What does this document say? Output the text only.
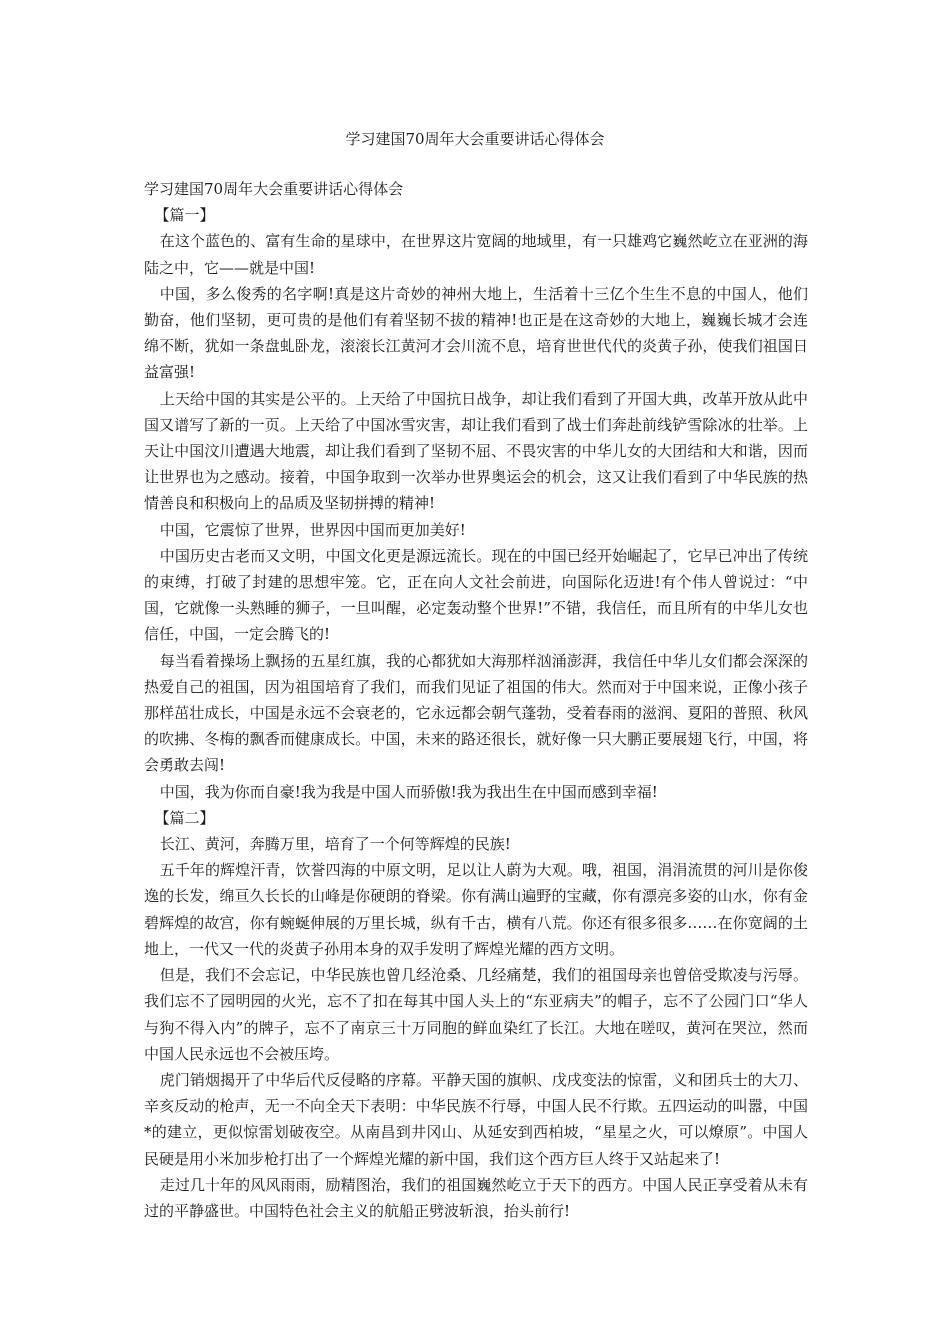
学习建国70周年大会重要讲话心得体会

学习建国70周年大会重要讲话心得体会

【篇一】

在这个蓝色的、富有生命的星球中，在世界这片宽阔的地域里，有一只雄鸡它巍然屹立在亚洲的海陆之中，它——就是中国!

中国，多么俊秀的名字啊!真是这片奇妙的神州大地上，生活着十三亿个生生不息的中国人，他们勤奋，他们坚韧，更可贵的是他们有着坚韧不拔的精神!也正是在这奇妙的大地上，巍巍长城才会连绵不断，犹如一条盘虬卧龙，滚滚长江黄河才会川流不息，培育世世代代的炎黄子孙，使我们祖国日益富强!

上天给中国的其实是公平的。上天给了中国抗日战争，却让我们看到了开国大典，改革开放从此中国又谱写了新的一页。上天给了中国冰雪灾害，却让我们看到了战士们奔赴前线铲雪除冰的壮举。上天让中国汶川遭遇大地震，却让我们看到了坚韧不屈、不畏灾害的中华儿女的大团结和大和谐，因而让世界也为之感动。接着，中国争取到一次举办世界奥运会的机会，这又让我们看到了中华民族的热情善良和积极向上的品质及坚韧拼搏的精神!

中国，它震惊了世界，世界因中国而更加美好!

中国历史古老而又文明，中国文化更是源远流长。现在的中国已经开始崛起了，它早已冲出了传统的束缚，打破了封建的思想牢笼。它，正在向人文社会前进，向国际化迈进!有个伟人曾说过：“中国，它就像一头熟睡的狮子，一旦叫醒，必定轰动整个世界!”不错，我信任，而且所有的中华儿女也信任，中国，一定会腾飞的!

每当看着操场上飘扬的五星红旗，我的心都犹如大海那样汹涌澎湃，我信任中华儿女们都会深深的热爱自己的祖国，因为祖国培育了我们，而我们见证了祖国的伟大。然而对于中国来说，正像小孩子那样茁壮成长，中国是永远不会衰老的，它永远都会朝气蓬勃，受着春雨的滋润、夏阳的普照、秋风的吹拂、冬梅的飘香而健康成长。中国，未来的路还很长，就好像一只大鹏正要展翅飞行，中国，将会勇敢去闯!

中国，我为你而自豪!我为我是中国人而骄傲!我为我出生在中国而感到幸福!

【篇二】

长江、黄河，奔腾万里，培育了一个何等辉煌的民族!

五千年的辉煌汗青，饮誉四海的中原文明，足以让人蔚为大观。哦，祖国，涓涓流贯的河川是你俊逸的长发，绵亘久长长的山峰是你硬朗的脊梁。你有满山遍野的宝藏，你有漂亮多姿的山水，你有金碧辉煌的故宫，你有蜿蜒伸展的万里长城，纵有千古，横有八荒。你还有很多很多……在你宽阔的土地上，一代又一代的炎黄子孙用本身的双手发明了辉煌光耀的西方文明。

但是，我们不会忘记，中华民族也曾几经沧桑、几经痛楚，我们的祖国母亲也曾倍受欺凌与污辱。我们忘不了园明园的火光，忘不了扣在每其中国人头上的“东亚病夫”的帽子，忘不了公园门口“华人与狗不得入内”的牌子，忘不了南京三十万同胞的鲜血染红了长江。大地在嗟叹，黄河在哭泣，然而中国人民永远也不会被压垮。

虎门销烟揭开了中华后代反侵略的序幕。平静天国的旗帜、戊戌变法的惊雷，义和团兵士的大刀、辛亥反动的枪声，无一不向全天下表明：中华民族不行辱，中国人民不行欺。五四运动的叫嚣，中国*的建立，更似惊雷划破夜空。从南昌到井冈山、从延安到西柏坡，“星星之火，可以燎原”。中国人民硬是用小米加步枪打出了一个辉煌光耀的新中国，我们这个西方巨人终于又站起来了!

走过几十年的风风雨雨，励精图治，我们的祖国巍然屹立于天下的西方。中国人民正享受着从未有过的平静盛世。中国特色社会主义的航船正劈波斩浪，抬头前行!
